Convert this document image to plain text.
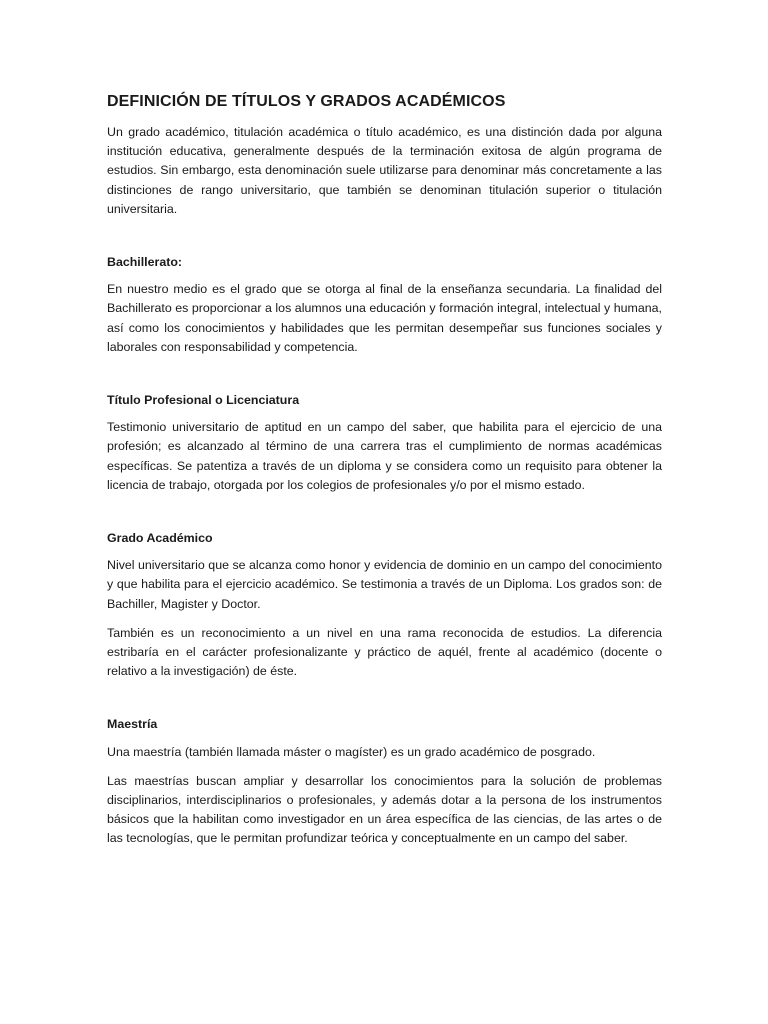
DEFINICIÓN DE TÍTULOS Y GRADOS ACADÉMICOS

Un grado académico, titulación académica o título académico, es una distinción dada por alguna institución educativa, generalmente después de la terminación exitosa de algún programa de estudios. Sin embargo, esta denominación suele utilizarse para denominar más concretamente a las distinciones de rango universitario, que también se denominan titulación superior o titulación universitaria.

Bachillerato:

En nuestro medio es el grado que se otorga al final de la enseñanza secundaria. La finalidad del Bachillerato es proporcionar a los alumnos una educación y formación integral, intelectual y humana, así como los conocimientos y habilidades que les permitan desempeñar sus funciones sociales y laborales con responsabilidad y competencia.

Título Profesional o Licenciatura

Testimonio universitario de aptitud en un campo del saber, que habilita para el ejercicio de una profesión; es alcanzado al término de una carrera tras el cumplimiento de normas académicas específicas. Se patentiza a través de un diploma y se considera como un requisito para obtener la licencia de trabajo, otorgada por los colegios de profesionales y/o por el mismo estado.

Grado Académico

Nivel universitario que se alcanza como honor y evidencia de dominio en un campo del conocimiento y que habilita para el ejercicio académico. Se testimonia a través de un Diploma. Los grados son: de Bachiller, Magister y Doctor.

También es un reconocimiento a un nivel en una rama reconocida de estudios. La diferencia estribaría en el carácter profesionalizante y práctico de aquél, frente al académico (docente o relativo a la investigación) de éste.

Maestría

Una maestría (también llamada máster o magíster) es un grado académico de posgrado.

Las maestrías buscan ampliar y desarrollar los conocimientos para la solución de problemas disciplinarios, interdisciplinarios o profesionales, y además dotar a la persona de los instrumentos básicos que la habilitan como investigador en un área específica de las ciencias, de las artes o de las tecnologías, que le permitan profundizar teórica y conceptualmente en un campo del saber.
